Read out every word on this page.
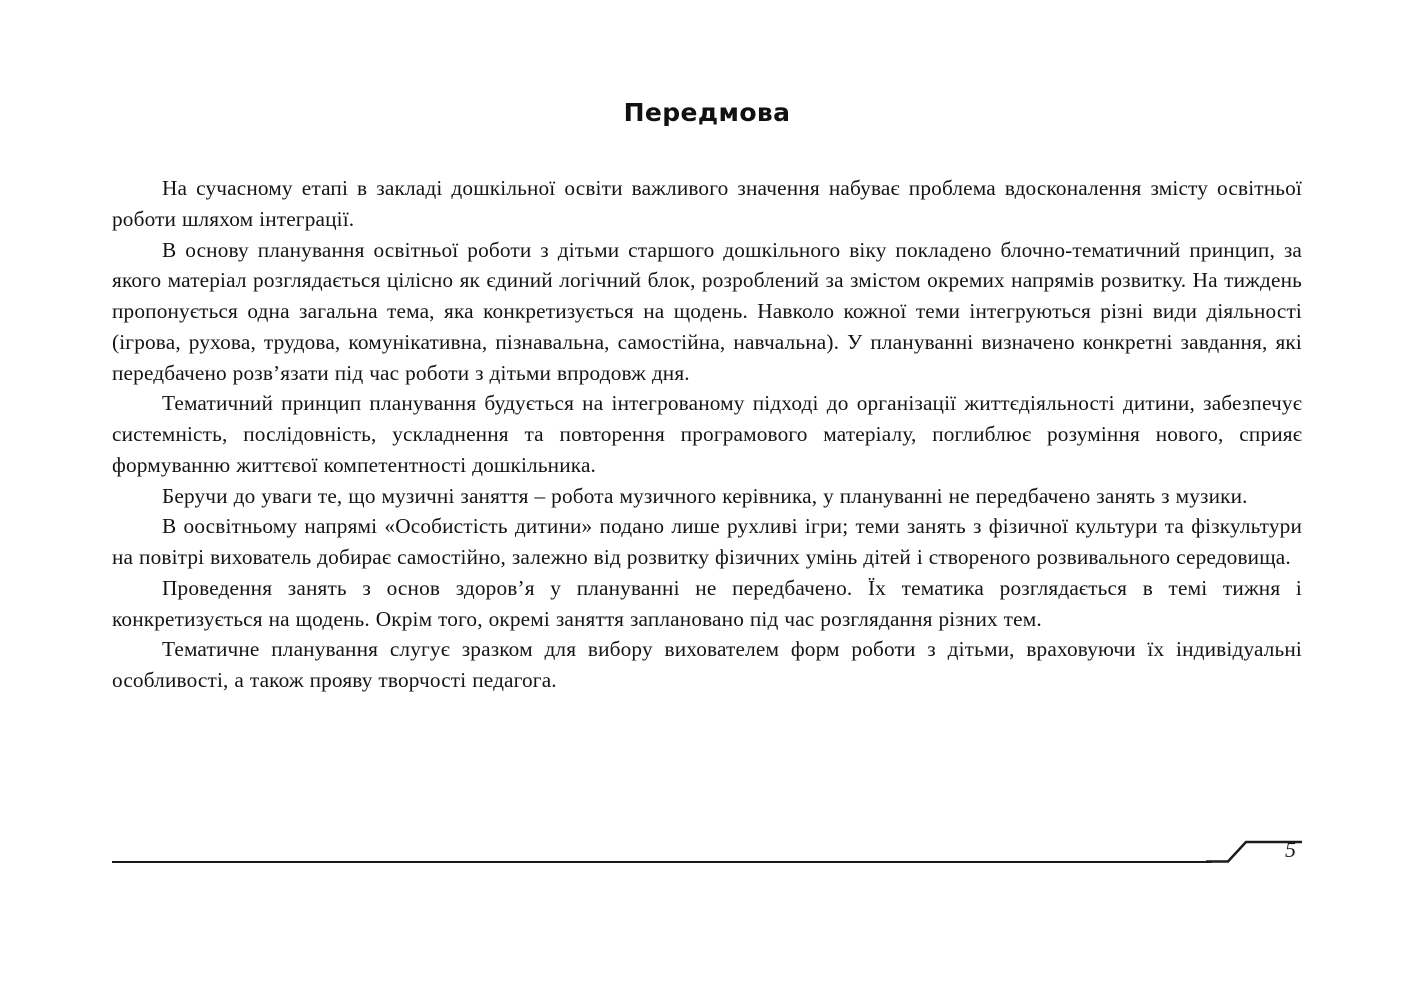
Передмова

На сучасному етапі в закладі дошкільної освіти важливого значення набуває проблема вдосконалення змісту освітньої роботи шляхом інтеграції.

В основу планування освітньої роботи з дітьми старшого дошкільного віку покладено блочно-тематичний принцип, за якого матеріал розглядається цілісно як єдиний логічний блок, розроблений за змістом окремих напрямів розвитку. На тиждень пропонується одна загальна тема, яка конкретизується на щодень. Навколо кожної теми інтегруються різні види діяльності (ігрова, рухова, трудова, комунікативна, пізнавальна, самостійна, навчальна). У плануванні визначено конкретні завдання, які передбачено розв’язати під час роботи з дітьми впродовж дня.

Тематичний принцип планування будується на інтегрованому підході до організації життєдіяльності дитини, забезпечує системність, послідовність, ускладнення та повторення програмового матеріалу, поглиблює розуміння нового, сприяє формуванню життєвої компетентності дошкільника.

Беручи до уваги те, що музичні заняття – робота музичного керівника, у плануванні не передбачено занять з музики.

В оосвітньому напрямі «Особистість дитини» подано лише рухливі ігри; теми занять з фізичної культури та фізкультури на повітрі вихователь добирає самостійно, залежно від розвитку фізичних умінь дітей і створеного розвивального середовища.

Проведення занять з основ здоров’я у плануванні не передбачено. Їх тематика розглядається в темі тижня і конкретизується на щодень. Окрім того, окремі заняття заплановано під час розглядання різних тем.

Тематичне планування слугує зразком для вибору вихователем форм роботи з дітьми, враховуючи їх індивідуальні особливості, а також прояву творчості педагога.

5
